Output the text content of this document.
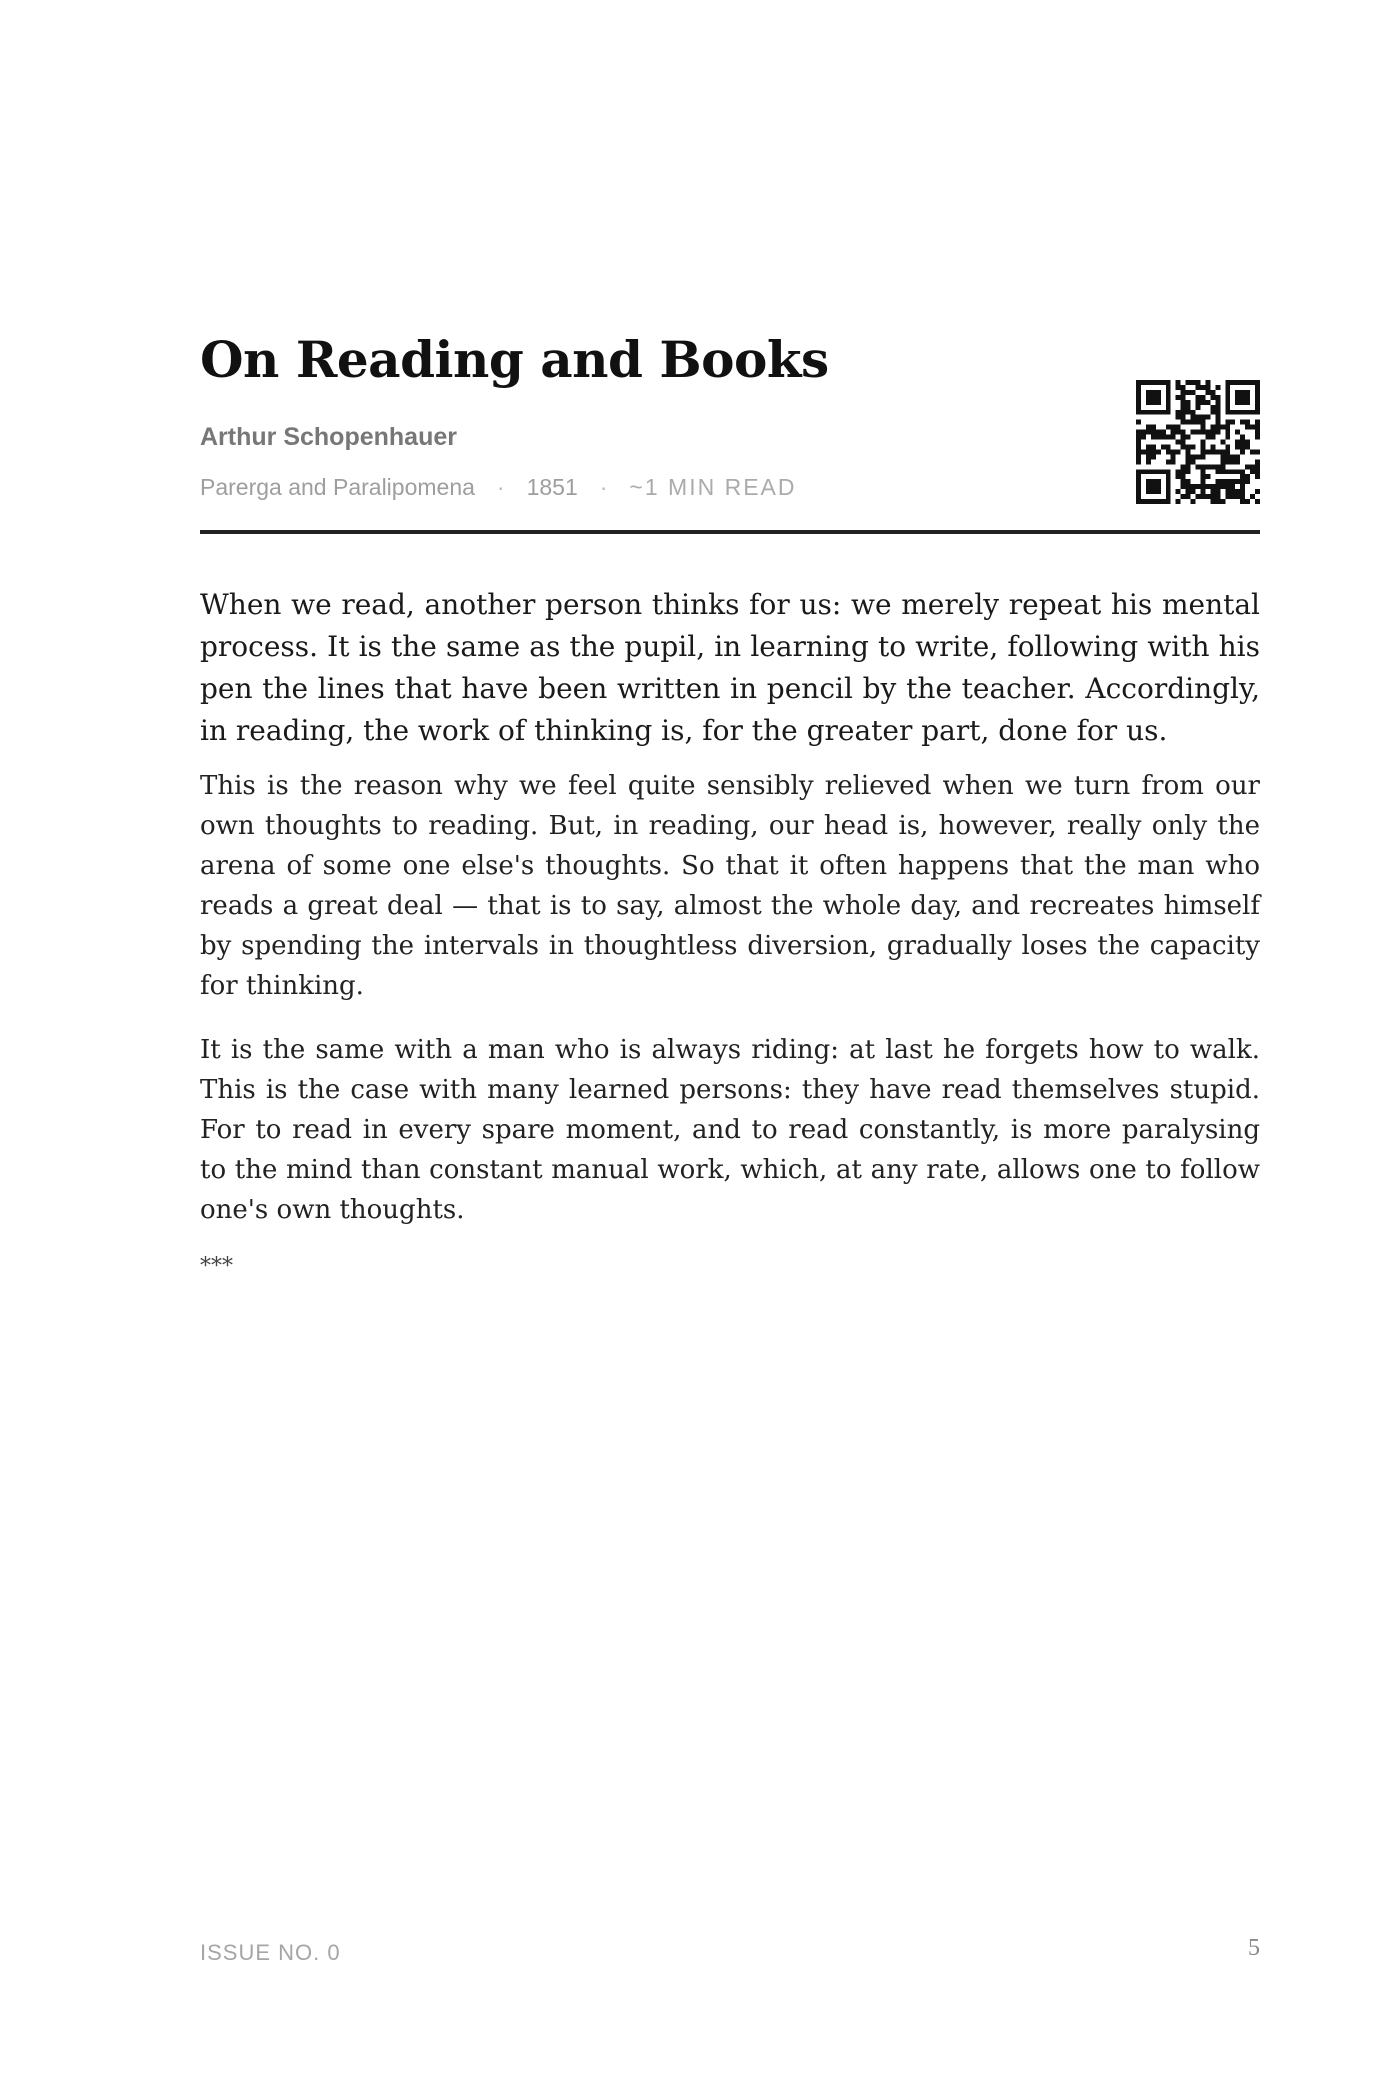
On Reading and Books
Arthur Schopenhauer
Parerga and Paralipomena · 1851 · ~1 MIN READ

When we read, another person thinks for us: we merely repeat his mental process. It is the same as the pupil, in learning to write, following with his pen the lines that have been written in pencil by the teacher. Accordingly, in reading, the work of thinking is, for the greater part, done for us.

This is the reason why we feel quite sensibly relieved when we turn from our own thoughts to reading. But, in reading, our head is, however, really only the arena of some one else's thoughts. So that it often happens that the man who reads a great deal — that is to say, almost the whole day, and recreates himself by spending the intervals in thoughtless diversion, gradually loses the capacity for thinking.

It is the same with a man who is always riding: at last he forgets how to walk. This is the case with many learned persons: they have read themselves stupid. For to read in every spare moment, and to read constantly, is more paralysing to the mind than constant manual work, which, at any rate, allows one to follow one's own thoughts.

***
ISSUE NO. 0	5
